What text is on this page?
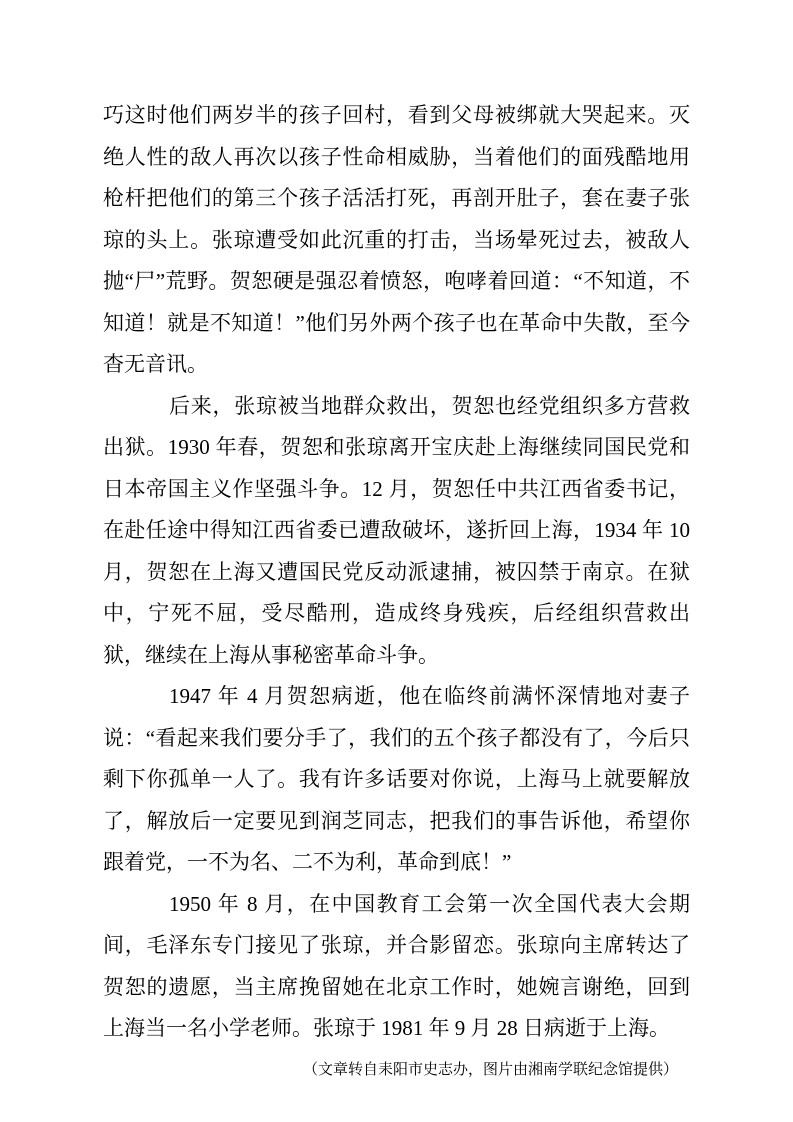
巧这时他们两岁半的孩子回村，看到父母被绑就大哭起来。灭绝人性的敌人再次以孩子性命相威胁，当着他们的面残酷地用枪杆把他们的第三个孩子活活打死，再剖开肚子，套在妻子张琼的头上。张琼遭受如此沉重的打击，当场晕死过去，被敌人抛“尸”荒野。贺恕硬是强忍着愤怒，咆哮着回道：“不知道，不知道！就是不知道！”他们另外两个孩子也在革命中失散，至今杳无音讯。

后来，张琼被当地群众救出，贺恕也经党组织多方营救出狱。1930 年春，贺恕和张琼离开宝庆赴上海继续同国民党和日本帝国主义作坚强斗争。12 月，贺恕任中共江西省委书记，在赴任途中得知江西省委已遭敌破坏，遂折回上海，1934 年 10 月，贺恕在上海又遭国民党反动派逮捕，被囚禁于南京。在狱中，宁死不屈，受尽酷刑，造成终身残疾，后经组织营救出狱，继续在上海从事秘密革命斗争。

1947 年 4 月贺恕病逝，他在临终前满怀深情地对妻子说：“看起来我们要分手了，我们的五个孩子都没有了，今后只剩下你孤单一人了。我有许多话要对你说，上海马上就要解放了，解放后一定要见到润芝同志，把我们的事告诉他，希望你跟着党，一不为名、二不为利，革命到底！”

1950 年 8 月，在中国教育工会第一次全国代表大会期间，毛泽东专门接见了张琼，并合影留恋。张琼向主席转达了贺恕的遗愿，当主席挽留她在北京工作时，她婉言谢绝，回到上海当一名小学老师。张琼于 1981 年 9 月 28 日病逝于上海。

（文章转自耒阳市史志办，图片由湘南学联纪念馆提供）
